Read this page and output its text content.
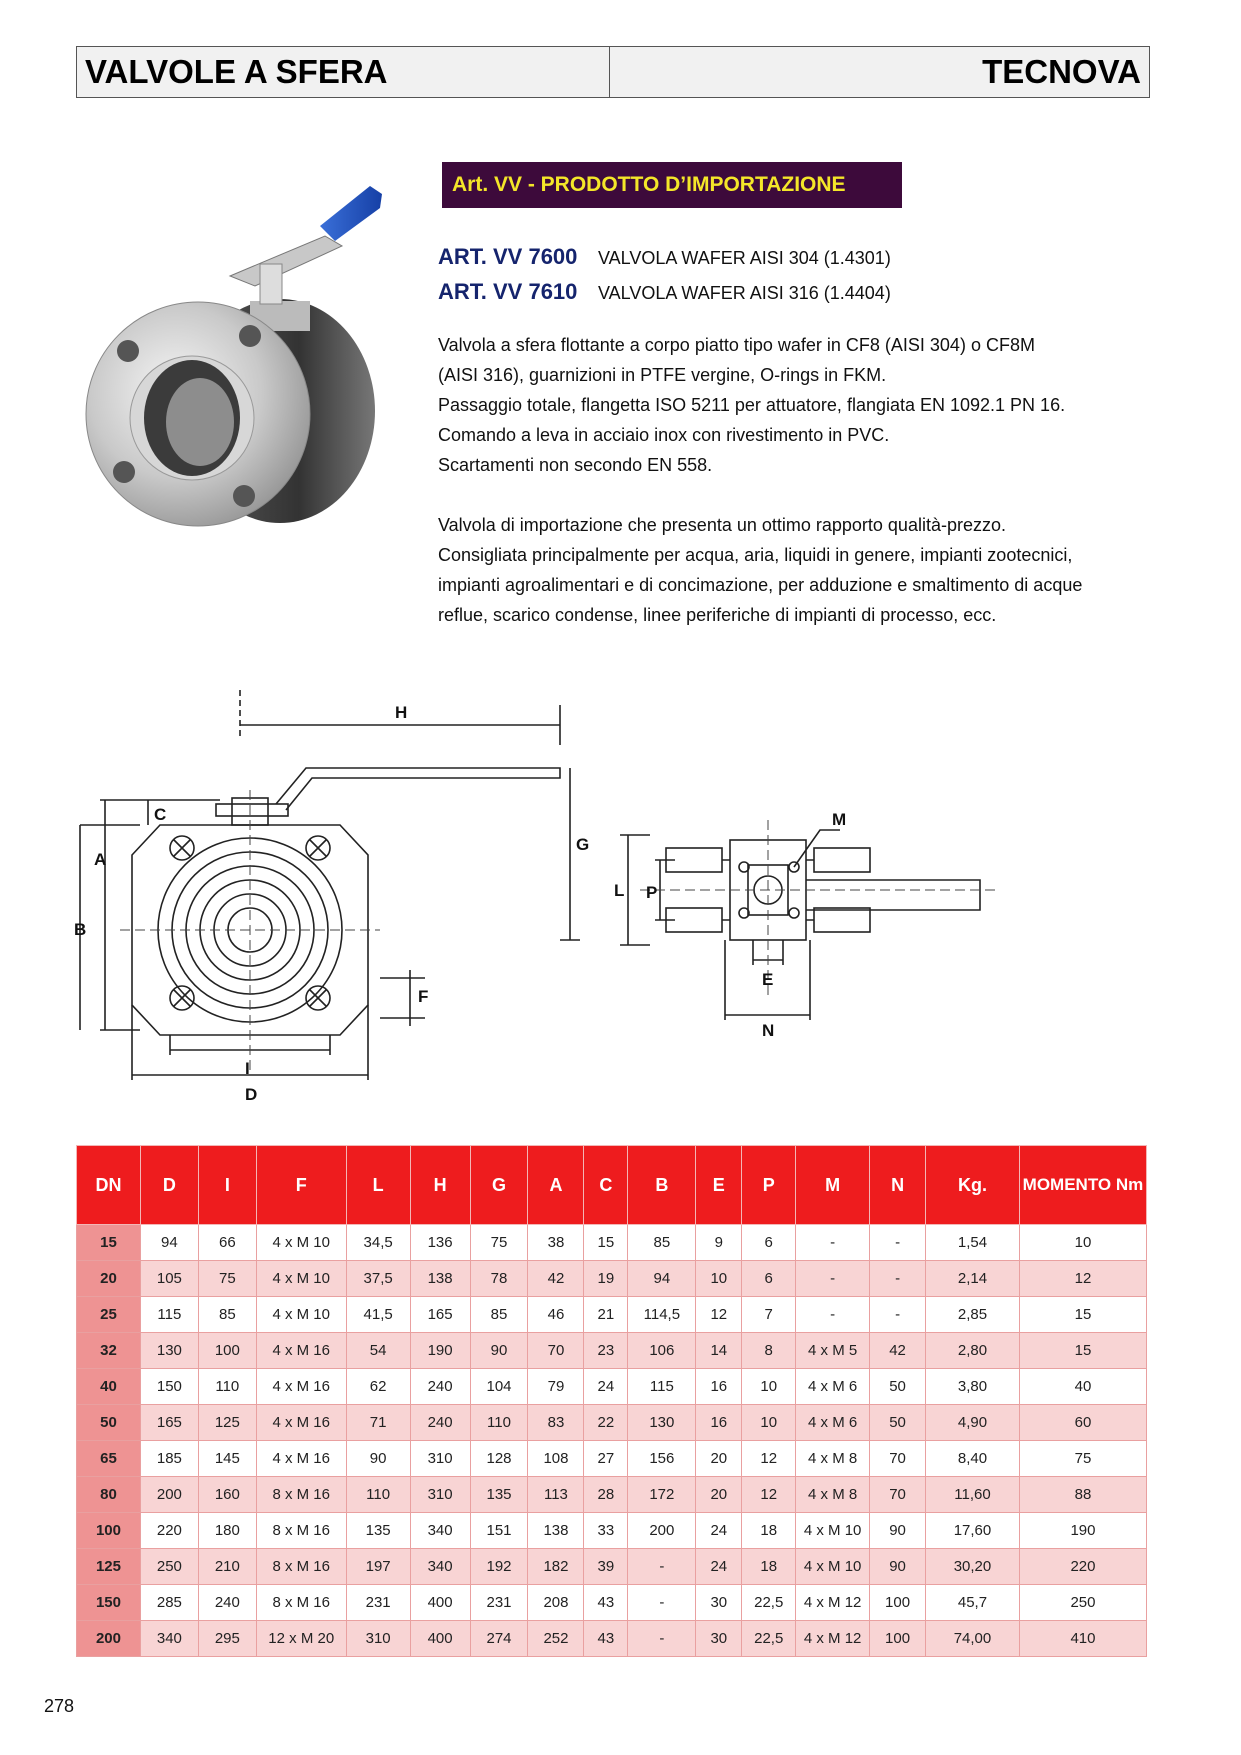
VALVOLE A SFERA	TECNOVA
Art. VV - PRODOTTO D’IMPORTAZIONE
ART. VV 7600	VALVOLA WAFER AISI 304 (1.4301)
ART. VV 7610	VALVOLA WAFER AISI 316 (1.4404)

Valvola a sfera flottante a corpo piatto tipo wafer in CF8 (AISI 304) o CF8M

(AISI 316), guarnizioni in PTFE vergine, O-rings in FKM.

Passaggio totale, flangetta ISO 5211 per attuatore, flangiata EN 1092.1 PN 16.

Comando a leva in acciaio inox con rivestimento in PVC.

Scartamenti non secondo EN 558.

Valvola di importazione che presenta un ottimo rapporto qualità-prezzo.

Consigliata principalmente per acqua, aria, liquidi in genere, impianti zootecnici,

impianti agroalimentari e di concimazione, per adduzione e smaltimento di acque

reflue, scarico condense, linee periferiche di impianti di processo, ecc.

H
C
A
G
B
F
I
D
M
L P
E
N
DN	D	I	F	L	H	G	A	C	B	E	P	M	N	Kg.	MOMENTO Nm
15	94	66	4 x M 10	34,5	136	75	38	15	85	9	6	-	-	1,54	10
20	105	75	4 x M 10	37,5	138	78	42	19	94	10	6	-	-	2,14	12
25	115	85	4 x M 10	41,5	165	85	46	21	114,5	12	7	-	-	2,85	15
32	130	100	4 x M 16	54	190	90	70	23	106	14	8	4 x M 5	42	2,80	15
40	150	110	4 x M 16	62	240	104	79	24	115	16	10	4 x M 6	50	3,80	40
50	165	125	4 x M 16	71	240	110	83	22	130	16	10	4 x M 6	50	4,90	60
65	185	145	4 x M 16	90	310	128	108	27	156	20	12	4 x M 8	70	8,40	75
80	200	160	8 x M 16	110	310	135	113	28	172	20	12	4 x M 8	70	11,60	88
100	220	180	8 x M 16	135	340	151	138	33	200	24	18	4 x M 10	90	17,60	190
125	250	210	8 x M 16	197	340	192	182	39	-	24	18	4 x M 10	90	30,20	220
150	285	240	8 x M 16	231	400	231	208	43	-	30	22,5	4 x M 12	100	45,7	250
200	340	295	12 x M 20	310	400	274	252	43	-	30	22,5	4 x M 12	100	74,00	410
278
